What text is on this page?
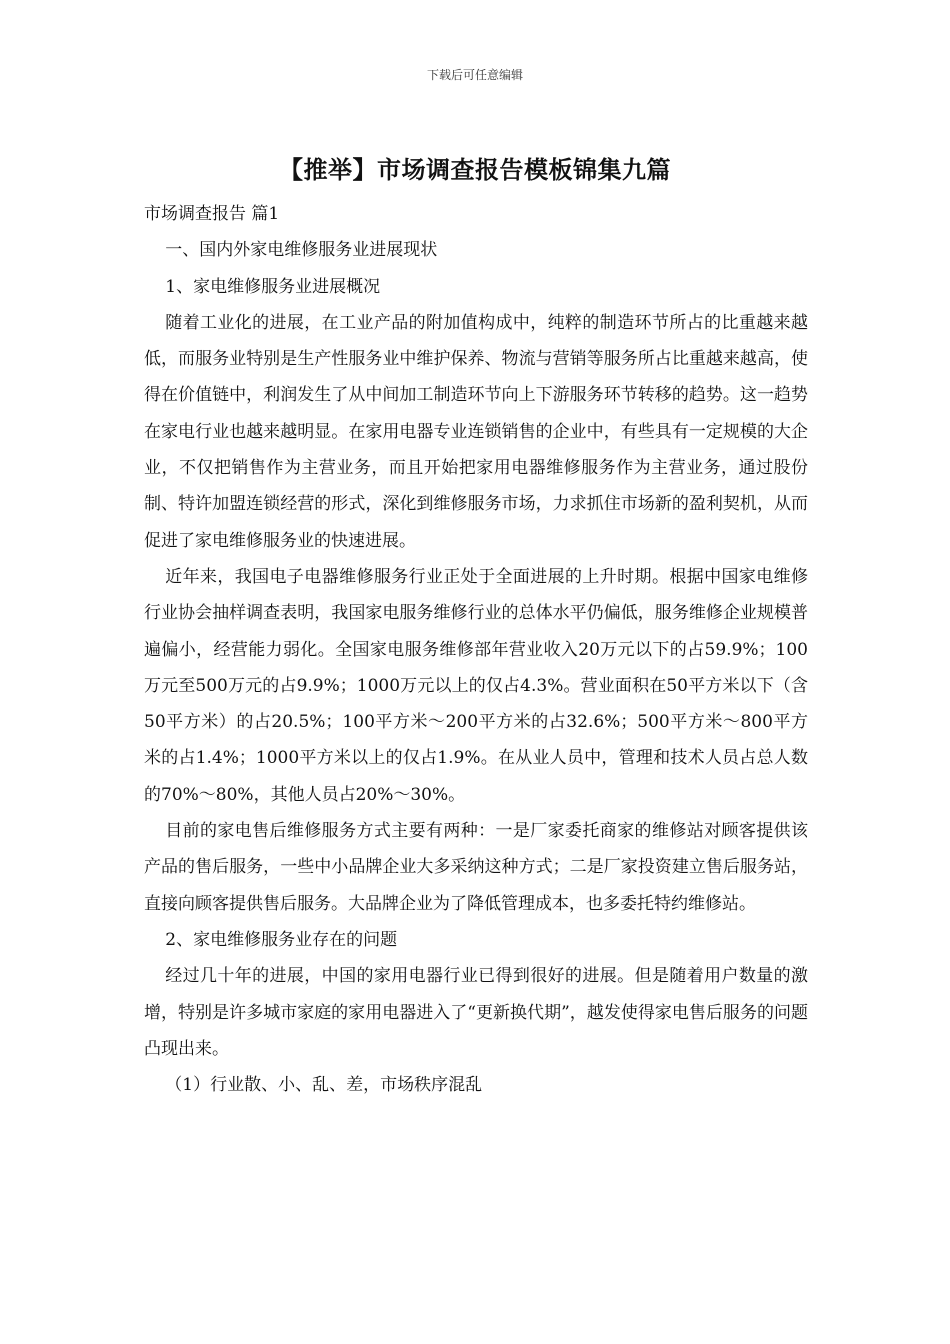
下载后可任意编辑
【推举】市场调查报告模板锦集九篇

市场调查报告 篇1

一、国内外家电维修服务业进展现状

1、家电维修服务业进展概况

随着工业化的进展，在工业产品的附加值构成中，纯粹的制造环节所占的比重越来越低，而服务业特别是生产性服务业中维护保养、物流与营销等服务所占比重越来越高，使得在价值链中，利润发生了从中间加工制造环节向上下游服务环节转移的趋势。这一趋势在家电行业也越来越明显。在家用电器专业连锁销售的企业中，有些具有一定规模的大企业，不仅把销售作为主营业务，而且开始把家用电器维修服务作为主营业务，通过股份制、特许加盟连锁经营的形式，深化到维修服务市场，力求抓住市场新的盈利契机，从而促进了家电维修服务业的快速进展。

近年来，我国电子电器维修服务行业正处于全面进展的上升时期。根据中国家电维修行业协会抽样调查表明，我国家电服务维修行业的总体水平仍偏低，服务维修企业规模普遍偏小，经营能力弱化。全国家电服务维修部年营业收入20万元以下的占59.9%；100万元至500万元的占9.9%；1000万元以上的仅占4.3%。营业面积在50平方米以下（含50平方米）的占20.5%；100平方米～200平方米的占32.6%；500平方米～800平方米的占1.4%；1000平方米以上的仅占1.9%。在从业人员中，管理和技术人员占总人数的70%～80%，其他人员占20%～30%。

目前的家电售后维修服务方式主要有两种：一是厂家委托商家的维修站对顾客提供该产品的售后服务，一些中小品牌企业大多采纳这种方式；二是厂家投资建立售后服务站，直接向顾客提供售后服务。大品牌企业为了降低管理成本，也多委托特约维修站。

2、家电维修服务业存在的问题

经过几十年的进展，中国的家用电器行业已得到很好的进展。但是随着用户数量的激增，特别是许多城市家庭的家用电器进入了“更新换代期”，越发使得家电售后服务的问题凸现出来。

（1）行业散、小、乱、差，市场秩序混乱
